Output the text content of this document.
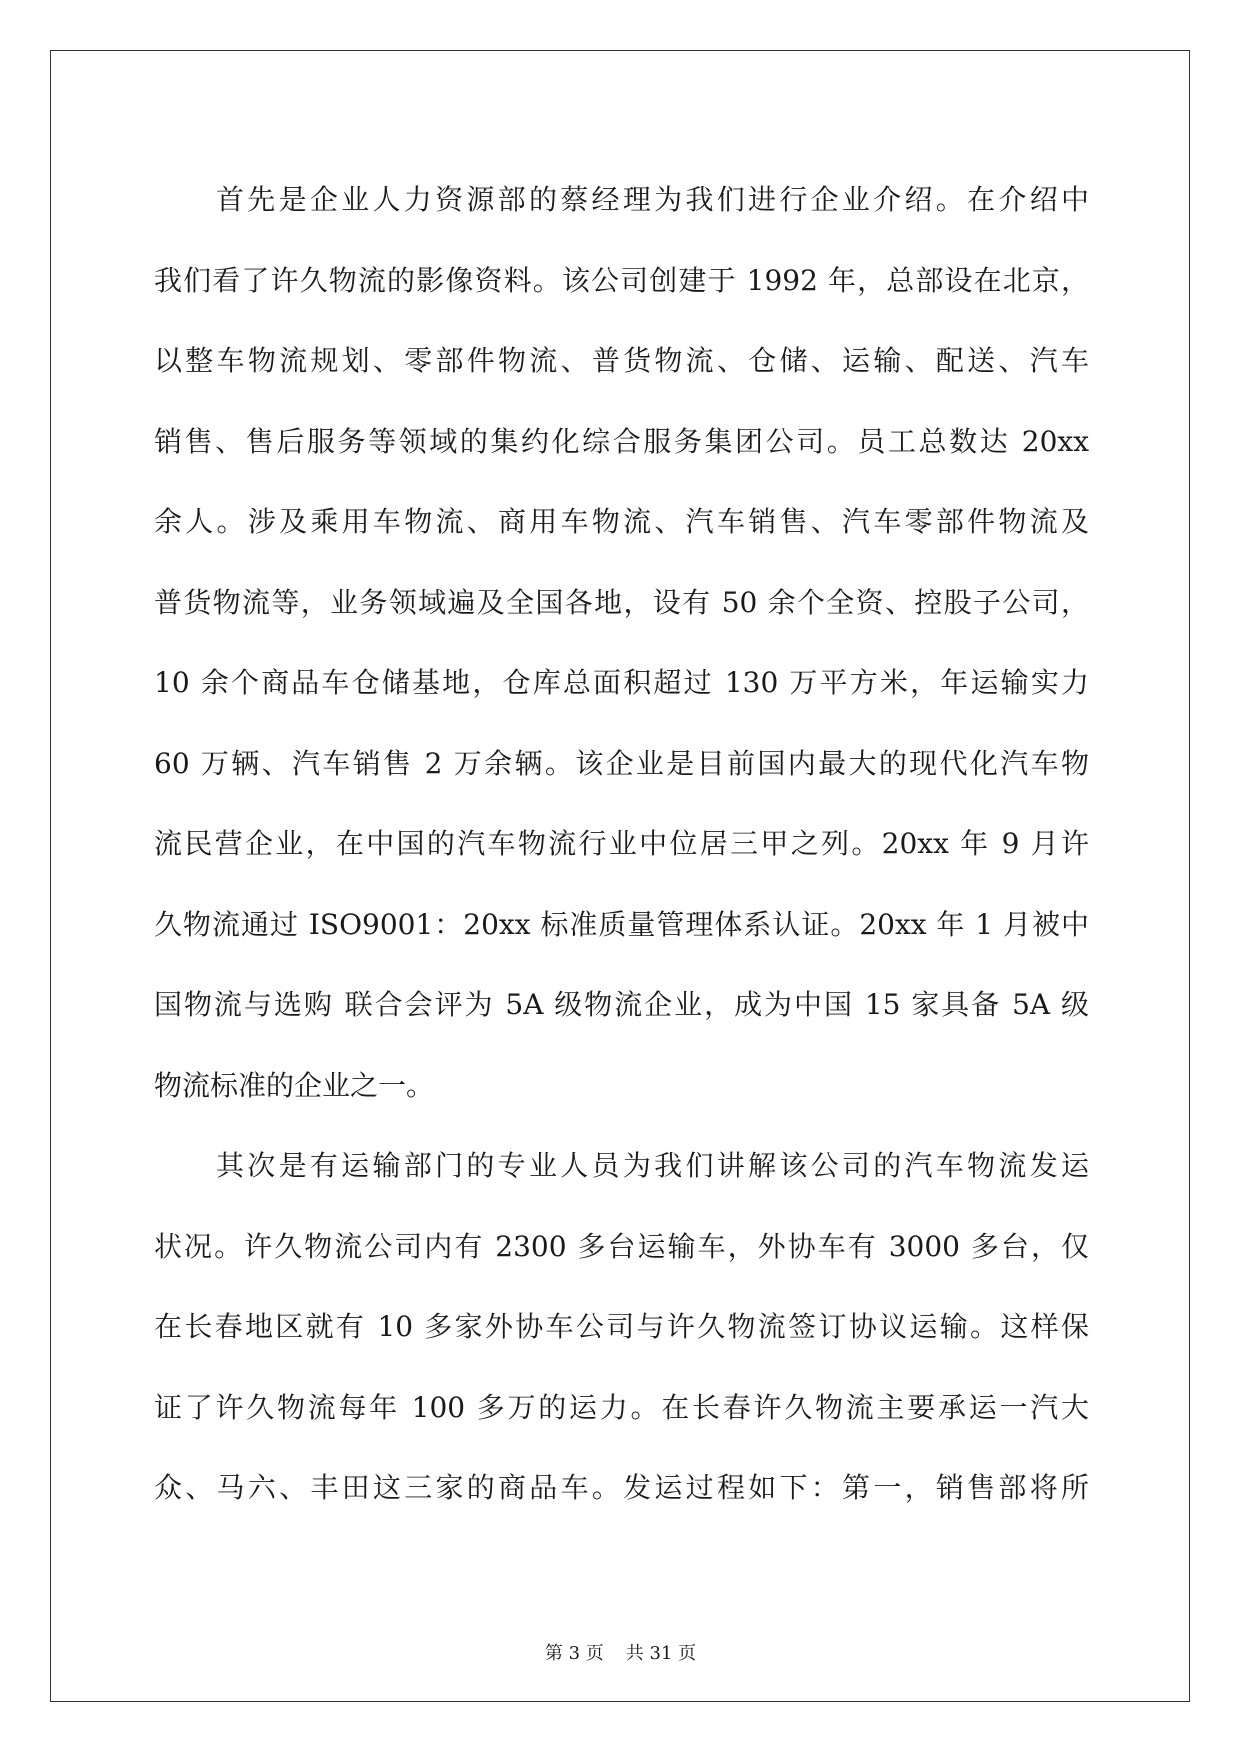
首先是企业人力资源部的蔡经理为我们进行企业介绍。在介绍中
我们看了许久物流的影像资料。该公司创建于 1992 年，总部设在北京，
以整车物流规划、零部件物流、普货物流、仓储、运输、配送、汽车
销售、售后服务等领域的集约化综合服务集团公司。员工总数达 20xx
余人。涉及乘用车物流、商用车物流、汽车销售、汽车零部件物流及
普货物流等，业务领域遍及全国各地，设有 50 余个全资、控股子公司，
10 余个商品车仓储基地，仓库总面积超过 130 万平方米，年运输实力
60 万辆、汽车销售 2 万余辆。该企业是目前国内最大的现代化汽车物
流民营企业，在中国的汽车物流行业中位居三甲之列。20xx 年 9 月许
久物流通过 ISO9001：20xx 标准质量管理体系认证。20xx 年 1 月被中
国物流与选购 联合会评为 5A 级物流企业，成为中国 15 家具备 5A 级
物流标准的企业之一。
其次是有运输部门的专业人员为我们讲解该公司的汽车物流发运
状况。许久物流公司内有 2300 多台运输车，外协车有 3000 多台，仅
在长春地区就有 10 多家外协车公司与许久物流签订协议运输。这样保
证了许久物流每年 100 多万的运力。在长春许久物流主要承运一汽大
众、马六、丰田这三家的商品车。发运过程如下：第一，销售部将所
第 3 页 共 31 页
